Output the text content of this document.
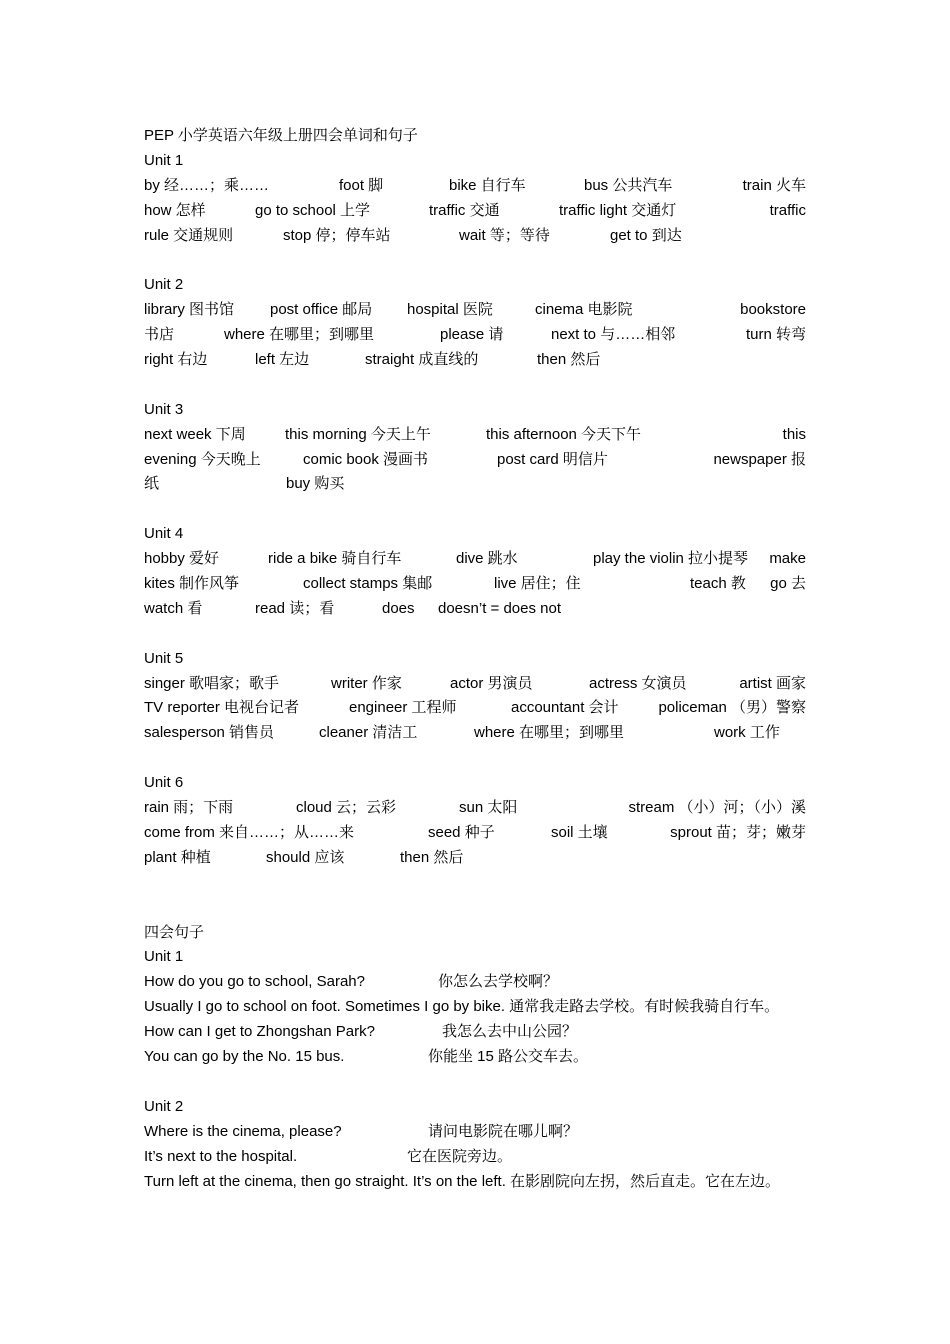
PEP 小学英语六年级上册四会单词和句子
Unit 1
by 经……；乘……	foot 脚	bike 自行车	bus 公共汽车	train 火车
how 怎样	go to school 上学	traffic 交通	traffic light 交通灯	traffic
rule 交通规则	stop 停；停车站	wait 等；等待	get to 到达
Unit 2
library 图书馆 post office 邮局 hospital 医院	cinema 电影院	bookstore
书店	where 在哪里；到哪里	please 请	next to 与……相邻	turn 转弯
right 右边	left 左边	straight 成直线的	then 然后
Unit 3
next week 下周	this morning 今天上午	this afternoon 今天下午	this
evening 今天晚上	comic book 漫画书	post card 明信片	newspaper 报
纸	buy 购买
Unit 4
hobby 爱好	ride a bike 骑自行车	dive 跳水	play the violin 拉小提琴 make
kites 制作风筝	collect stamps 集邮	live 居住；住	teach 教 go 去
watch 看	read 读；看	does doesn’t = does not
Unit 5
singer 歌唱家；歌手	writer 作家	actor 男演员	actress 女演员	artist 画家
TV reporter 电视台记者	engineer 工程师	accountant 会计	policeman （男）警察
salesperson 销售员	cleaner 清洁工	where 在哪里；到哪里	work 工作
Unit 6
rain 雨；下雨	cloud 云；云彩	sun 太阳	stream （小）河；（小）溪
come from 来自……；从……来	seed 种子	soil 土壤	sprout 苗；芽；嫩芽
plant 种植	should 应该	then 然后
四会句子
Unit 1
How do you go to school, Sarah?	你怎么去学校啊？
Usually I go to school on foot. Sometimes I go by bike. 通常我走路去学校。有时候我骑自行车。
How can I get to Zhongshan Park?	我怎么去中山公园？
You can go by the No. 15 bus.	你能坐 15 路公交车去。
Unit 2
Where is the cinema, please?	请问电影院在哪儿啊？
It’s next to the hospital.	它在医院旁边。
Turn left at the cinema, then go straight. It’s on the left. 在影剧院向左拐，然后直走。它在左边。
